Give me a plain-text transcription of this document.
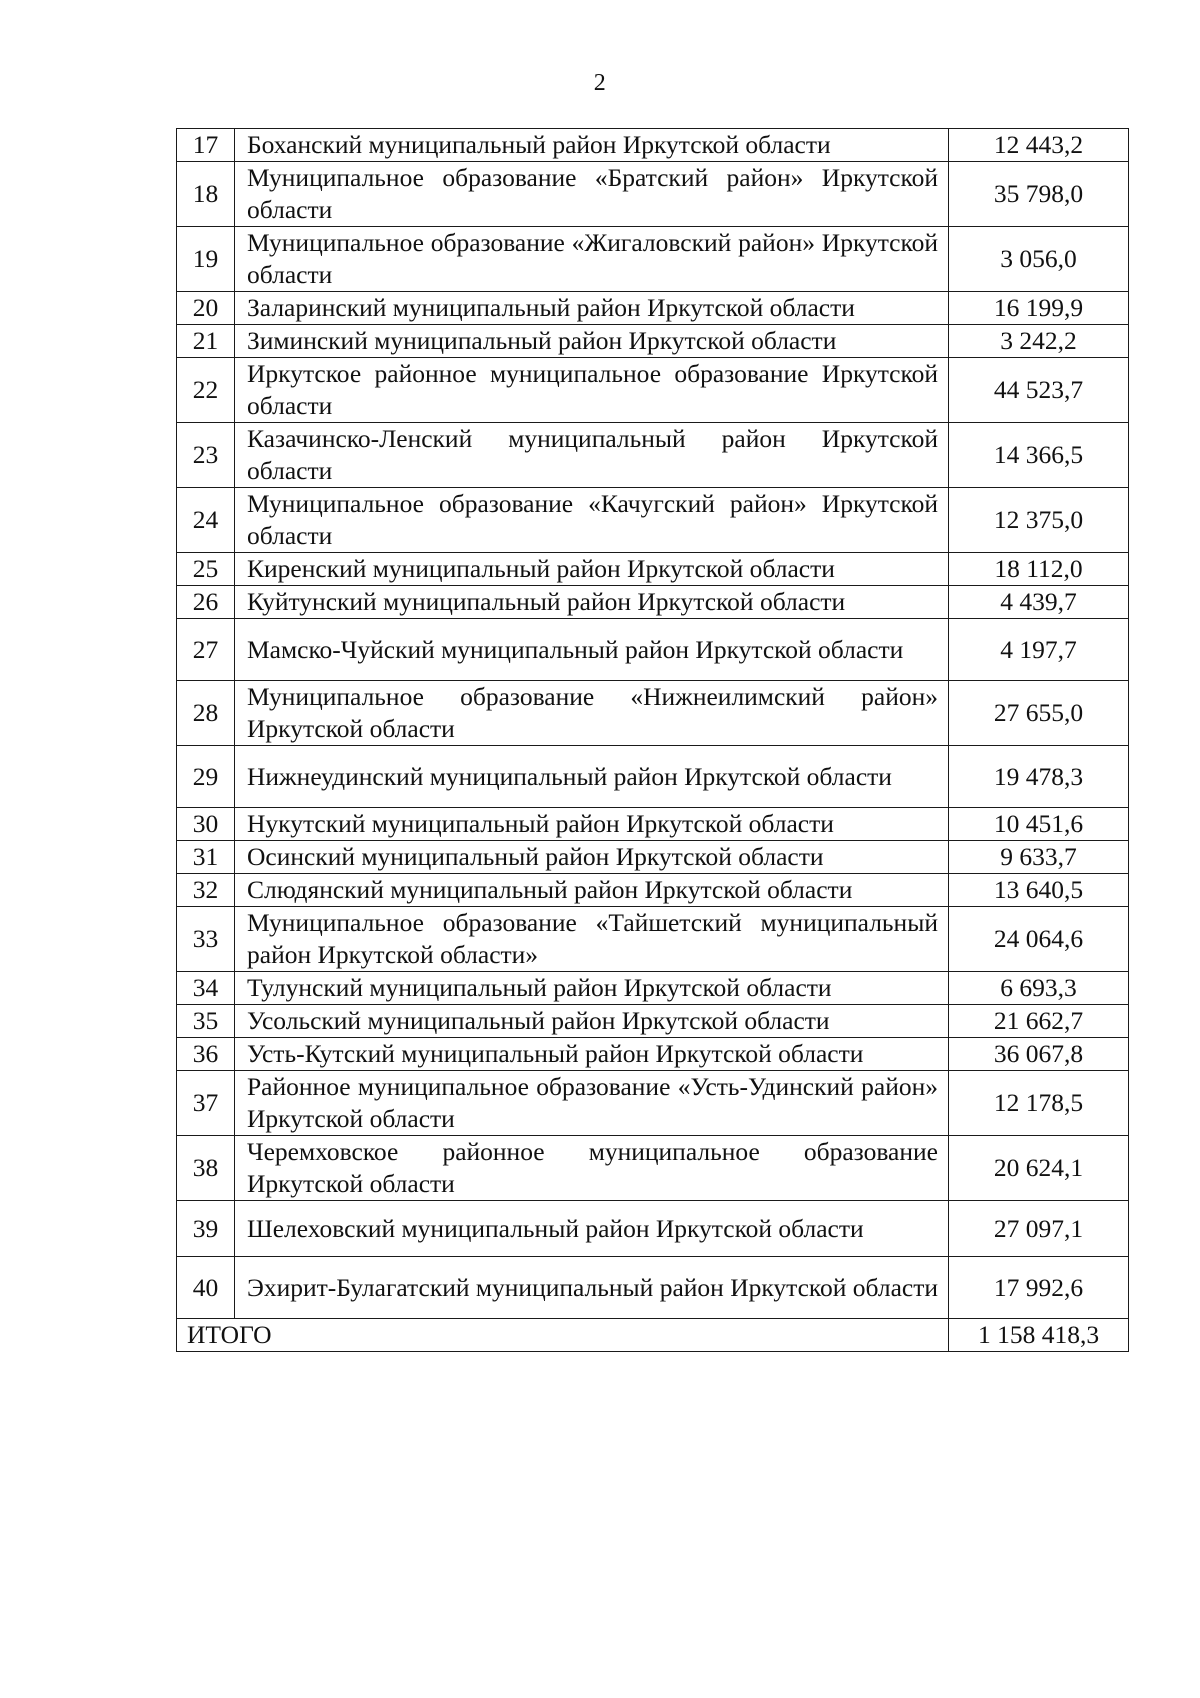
2
17	Боханский муниципальный район Иркутской области	12 443,2
18	Муниципальное образование «Братский район» Иркутской области	35 798,0
19	Муниципальное образование «Жигаловский район» Иркутской области	3 056,0
20	Заларинский муниципальный район Иркутской области	16 199,9
21	Зиминский муниципальный район Иркутской области	3 242,2
22	Иркутское районное муниципальное образование Иркутской области	44 523,7
23	Казачинско-Ленский муниципальный район Иркутской области	14 366,5
24	Муниципальное образование «Качугский район» Иркутской области	12 375,0
25	Киренский муниципальный район Иркутской области	18 112,0
26	Куйтунский муниципальный район Иркутской области	4 439,7
27	Мамско-Чуйский муниципальный район Иркутской области	4 197,7
28	Муниципальное образование «Нижнеилимский район» Иркутской области	27 655,0
29	Нижнеудинский муниципальный район Иркутской области	19 478,3
30	Нукутский муниципальный район Иркутской области	10 451,6
31	Осинский муниципальный район Иркутской области	9 633,7
32	Слюдянский муниципальный район Иркутской области	13 640,5
33	Муниципальное образование «Тайшетский муниципальный район Иркутской области»	24 064,6
34	Тулунский муниципальный район Иркутской области	6 693,3
35	Усольский муниципальный район Иркутской области	21 662,7
36	Усть-Кутский муниципальный район Иркутской области	36 067,8
37	Районное муниципальное образование «Усть-Удинский район» Иркутской области	12 178,5
38	Черемховское районное муниципальное образование Иркутской области	20 624,1
39	Шелеховский муниципальный район Иркутской области	27 097,1
40	Эхирит-Булагатский муниципальный район Иркутской области	17 992,6
ИТОГО		1 158 418,3
